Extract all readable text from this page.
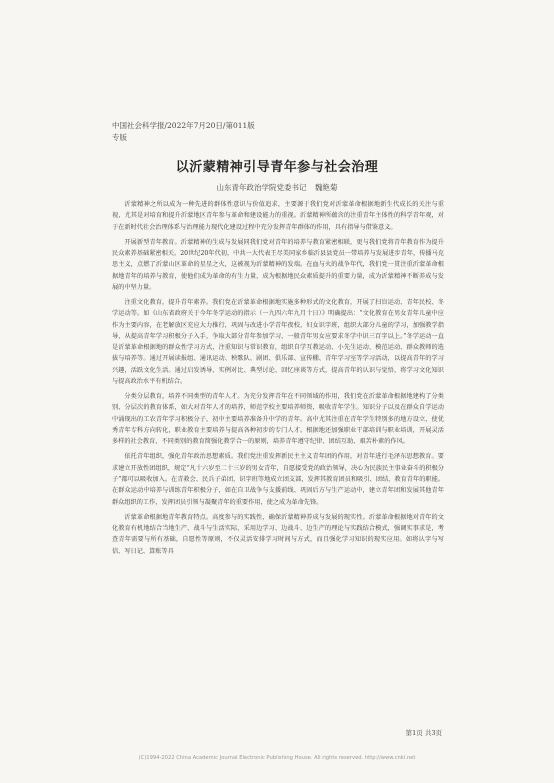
中国社会科学报/2022年7月20日/第011版
专版
以沂蒙精神引导青年参与社会治理
山东青年政治学院党委书记 魏艳菊

沂蒙精神之所以成为一种先进的群体性意识与价值追求，主要源于我们党对沂蒙革命根据地新生代成长的关注与重视，尤其是对培育和提升沂蒙地区青年参与革命和建设能力的重视。沂蒙精神所蕴含的注重青年主体性的科学青年观，对于在新时代社会治理体系与治理能力现代化建设过程中充分发挥青年群体的作用，具有指导与借鉴意义。

开展新型青年教育。沂蒙精神的生成与发展同我们党对青年的培养与教育紧密相联，更与我们党将青年教育作为提升民众素养基础紧密相关。20世纪20年代初，中共一大代表王尽美同家乡临沂县县党员一带培养与发展进步青年，传播马克思主义，点燃了沂蒙山区革命的星星之火，这被视为沂蒙精神的发端。在血与火的战争年代，我们党一贯注重沂蒙革命根据地青年的培养与教育，使他们成为革命的有生力量，成为根据地民众素质提升的重要力量，成为沂蒙精神不断养成与发展的中坚力量。

注重文化教育，提升青年素养。我们党在沂蒙革命根据地实施多种形式的文化教育，开展了扫盲运动、青年民校、冬学运动等。如《山东省政府关于今年冬学运动的指示（一九四六年九月十日）》明确提出：“文化教育在男女青年儿童中应作为主要内容，在老解放区充应大力推行，巩固与改进小学青年夜校、妇女识字班，组织大部分儿童的学习，加强教学指导，从提高青年学习积极分子入手，争取大部分青年参加学习，一般青年男女应要求冬学中识三百字以上。”冬学运动一直是沂蒙革命根据地的群众性学习方式，注重知识与常识教育，组织自学互教运动、小先生运动、模范运动、群众教师的选拔与培养等。通过开展读报组、通讯运动、秧歌队、剧团、俱乐部、宣传棚、青年学习室等学习活动，以提高青年的学习兴趣，活跃文化生活。通过启发诱导、实例对比、典型讨论、回忆座谈等方式，提高青年的认识与觉悟，将学习文化知识与提高政治水平有机结合。

分类分层教育，培养不同类型的青年人才。为充分发挥青年在不同领域的作用，我们党在沂蒙革命根据地建构了分类别、分层次的教育体系，如大对青年人才的培养，师范学校主要培养师资，吸收青年学生。知识分子以及在群众自学运动中涌现出的工农青年学习积极分子，初中主要培养准备升中学的青年。高中尤其注重在青年学生特别多的地方设立，使优秀青年专科方向转化，职业教育主要培养与提高各种初步的专门人才。根据地还加强职业干部培训与职业培训，开展灵活多样的社会教育，不同类别的教育简强化教学合一的原则，培养青年遵守纪律、团结互助、艰苦朴素的作风。

依托青年组织，强化青年政治思想素质。我们党注重发挥新民主主义青年团的作用，对青年进行毛泽东思想教育。要求建立开放性团组织，规定“凡十六岁至二十三岁的男女青年，自愿接受党的政治领导，决心为民族民主事业奋斗的积极分子”都可以吸收加入。在青救会、民兵子弟团、识字班等地成立团支部，发挥其教育团员和吸引、团结、教育青年的职能。在群众运动中培养与训练青年积极分子，如在自卫战争与支援前线、巩固后方与生产运动中，建立青年团和发展其他青年群众组织的工作，发挥团员引领与凝聚青年的重要作用，使之成为革命先锋。

沂蒙革命根据地青年教育特点。高度参与的实践性，确保沂蒙精神养成与发展的现实性。沂蒙革命根据地对青年的文化教育有机地结合当地生产、战斗与生活实际，采用边学习、边战斗、边生产的理论与实践结合模式，强调实事求是，考查青年需要与所有基础，自愿性等原则，不仅灵活安排学习时间与方式，而且强化学习知识的现实应用。如将认字与写信、写日记、算账等具

第1页 共3页
(C)1994-2022 China Academic Journal Electronic Publishing House. All rights reserved. http://www.cnki.net
